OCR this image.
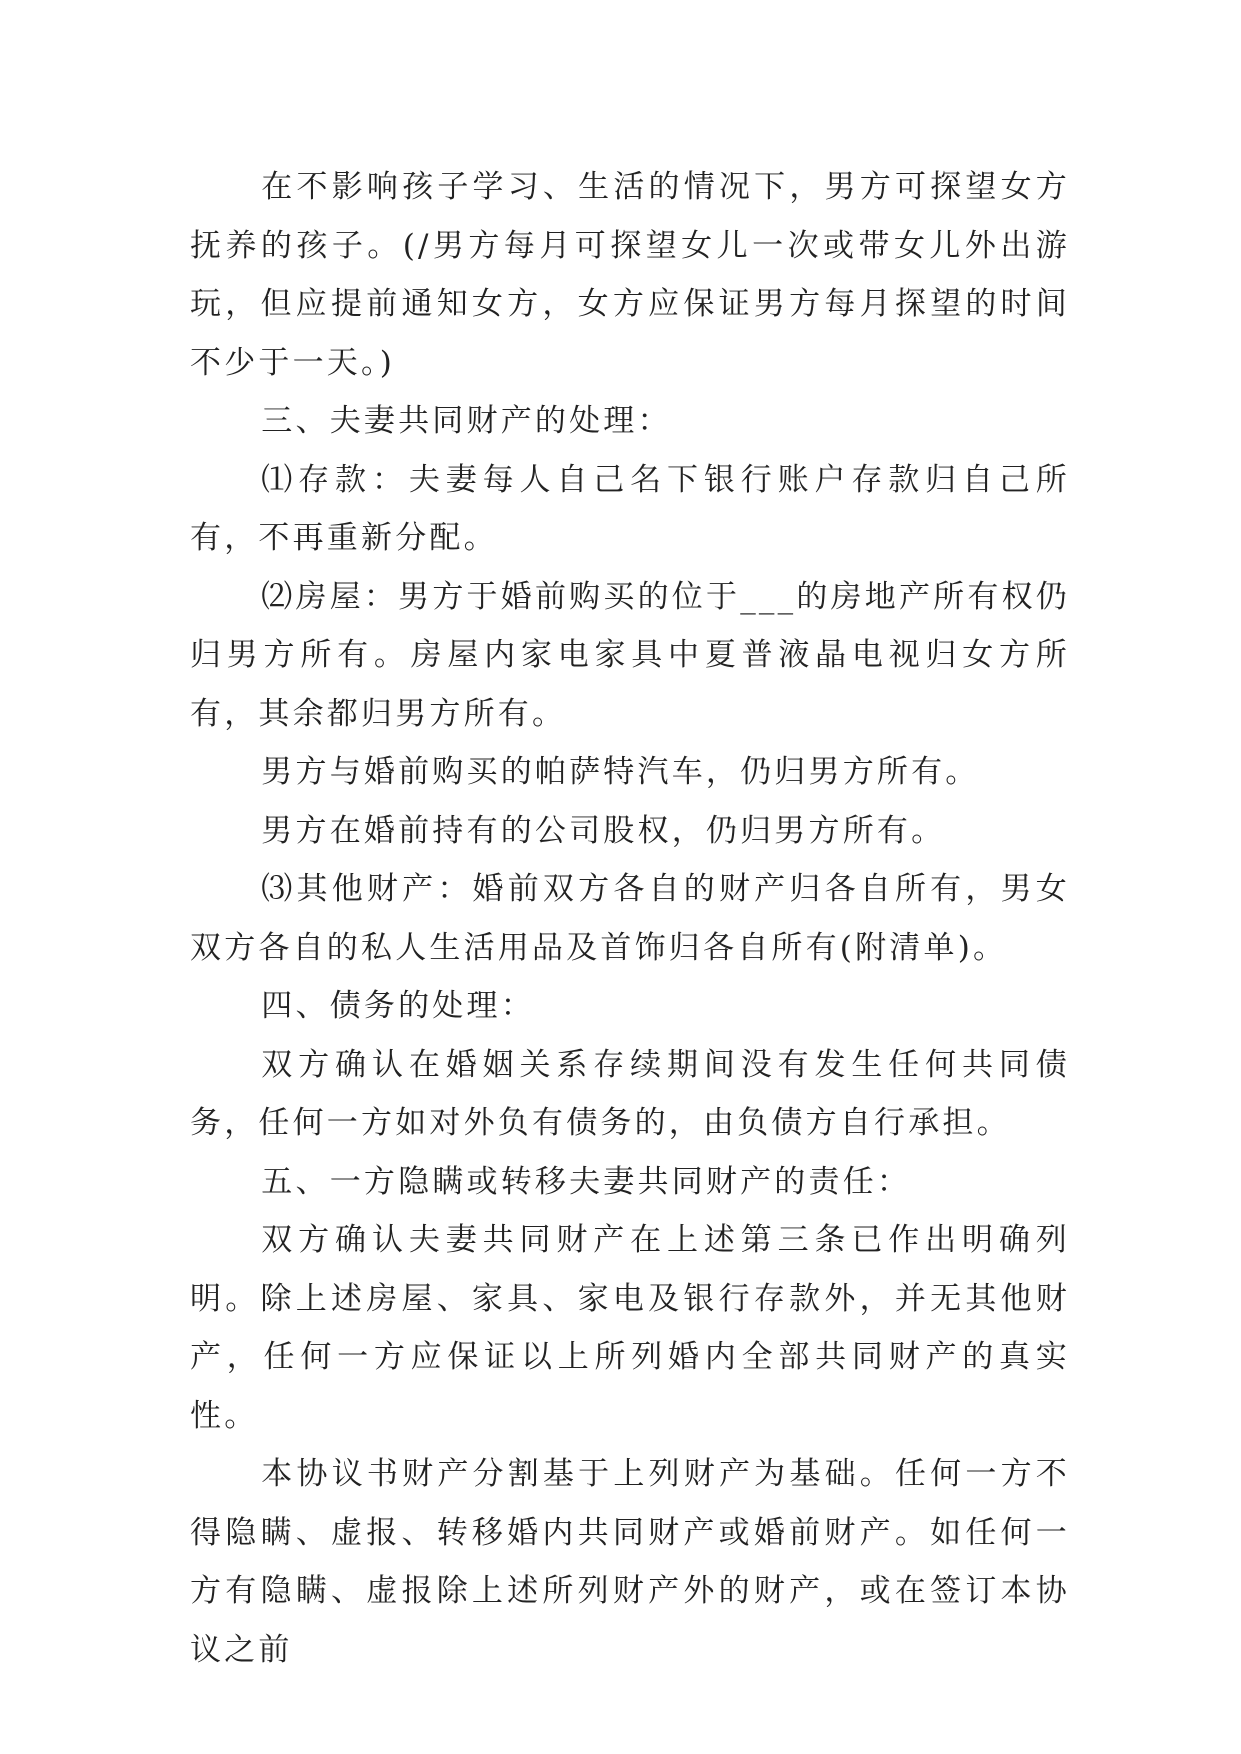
在不影响孩子学习、生活的情况下，男方可探望女方抚养的孩子。(/男方每月可探望女儿一次或带女儿外出游玩，但应提前通知女方，女方应保证男方每月探望的时间不少于一天。)

三、夫妻共同财产的处理：

⑴存款：夫妻每人自己名下银行账户存款归自己所有，不再重新分配。

⑵房屋：男方于婚前购买的位于___的房地产所有权仍归男方所有。房屋内家电家具中夏普液晶电视归女方所有，其余都归男方所有。

男方与婚前购买的帕萨特汽车，仍归男方所有。

男方在婚前持有的公司股权，仍归男方所有。

⑶其他财产：婚前双方各自的财产归各自所有，男女双方各自的私人生活用品及首饰归各自所有(附清单)。

四、债务的处理：

双方确认在婚姻关系存续期间没有发生任何共同债务，任何一方如对外负有债务的，由负债方自行承担。

五、一方隐瞒或转移夫妻共同财产的责任：

双方确认夫妻共同财产在上述第三条已作出明确列明。除上述房屋、家具、家电及银行存款外，并无其他财产，任何一方应保证以上所列婚内全部共同财产的真实性。

本协议书财产分割基于上列财产为基础。任何一方不得隐瞒、虚报、转移婚内共同财产或婚前财产。如任何一方有隐瞒、虚报除上述所列财产外的财产，或在签订本协议之前
